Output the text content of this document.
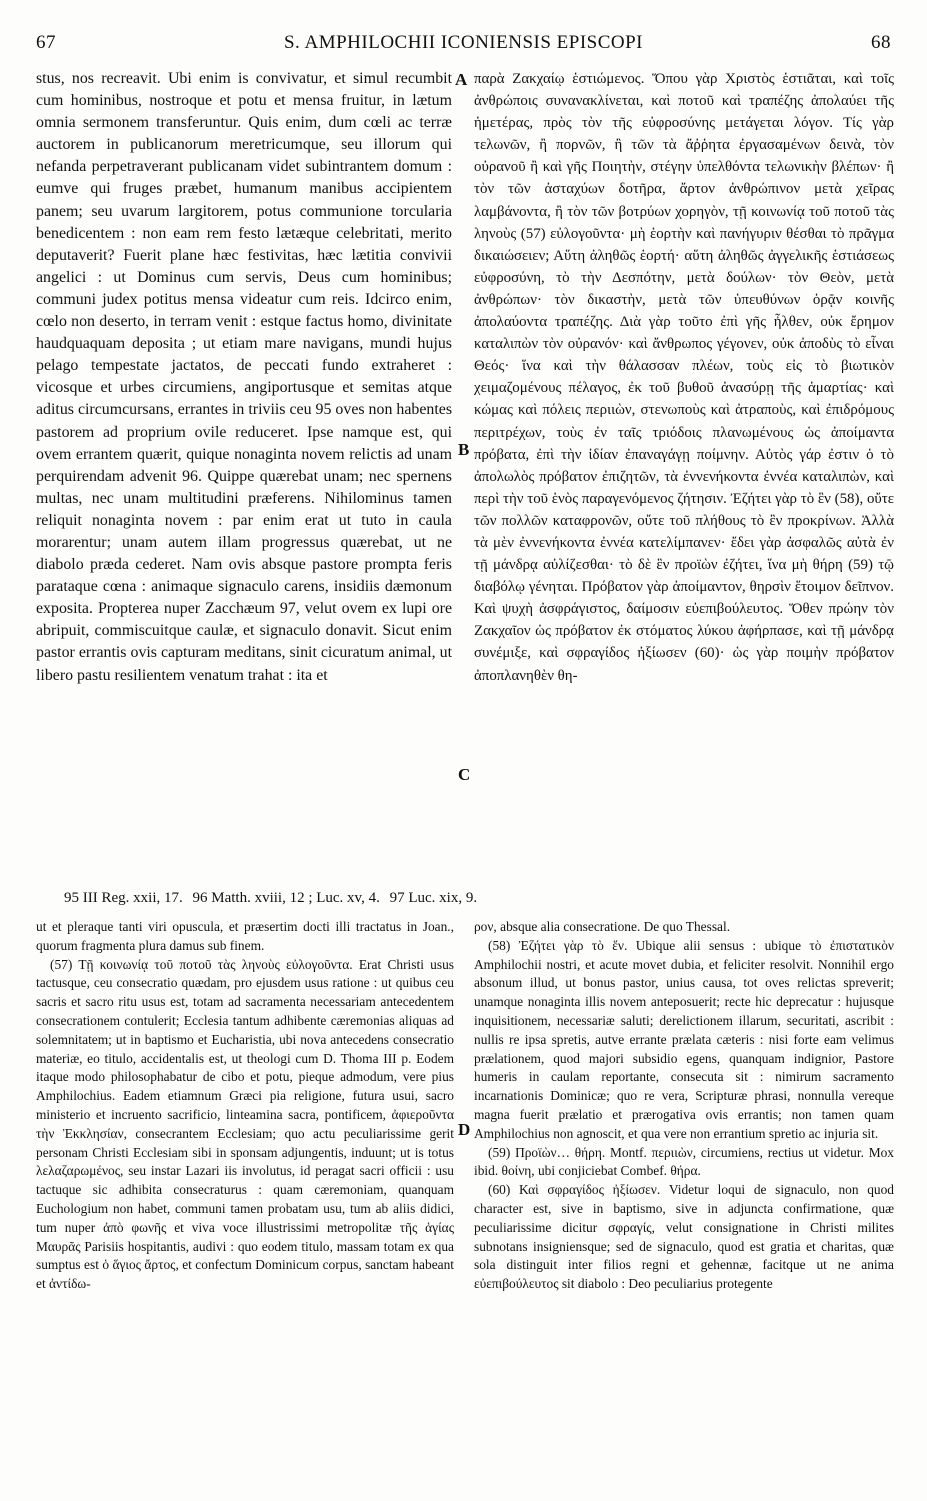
67	S. AMPHILOCHII ICONIENSIS EPISCOPI	68

stus, nos recreavit. Ubi enim is convivatur, et simul recumbit cum hominibus, nostroque et potu et mensa fruitur, in lætum omnia sermonem transferuntur. Quis enim, dum cœli ac terræ auctorem in publicanorum meretricumque, seu illorum qui nefanda perpetraverant publicanam videt subintrantem domum : eumve qui fruges præbet, humanum manibus accipientem panem; seu uvarum largitorem, potus communione torcularia benedicentem : non eam rem festo lætæque celebritati, merito deputaverit? Fuerit plane hæc festivitas, hæc lætitia convivii angelici : ut Dominus cum servis, Deus cum hominibus; communi judex potitus mensa videatur cum reis. Idcirco enim, cœlo non deserto, in terram venit : estque factus homo, divinitate haudquaquam deposita ; ut etiam mare navigans, mundi hujus pelago tempestate jactatos, de peccati fundo extraheret : vicosque et urbes circumiens, angiportusque et semitas atque aditus circumcursans, errantes in triviis ceu 95 oves non habentes pastorem ad proprium ovile reduceret. Ipse namque est, qui ovem errantem quærit, quique nonaginta novem relictis ad unam perquirendam advenit 96. Quippe quærebat unam; nec spernens multas, nec unam multitudini præferens. Nihilominus tamen reliquit nonaginta novem : par enim erat ut tuto in caula morarentur; unam autem illam progressus quærebat, ut ne diabolo præda cederet. Nam ovis absque pastore prompta feris parataque cœna : animaque signaculo carens, insidiis dæmonum exposita. Propterea nuper Zacchæum 97, velut ovem ex lupi ore abripuit, commiscuitque caulæ, et signaculo donavit. Sicut enim pastor errantis ovis capturam meditans, sinit cicuratum animal, ut libero pastu resilientem venatum trahat : ita et

A
B
C
D

παρὰ Ζακχαίῳ ἑστιώμενος. Ὅπου γὰρ Χριστὸς ἑστιᾶται, καὶ τοῖς ἀνθρώποις συνανακλίνεται, καὶ ποτοῦ καὶ τραπέζης ἀπολαύει τῆς ἡμετέρας, πρὸς τὸν τῆς εὐφροσύνης μετάγεται λόγον. Τίς γὰρ τελωνῶν, ἢ πορνῶν, ἢ τῶν τὰ ἄῤῥητα ἐργασαμένων δεινὰ, τὸν οὐρανοῦ ἢ καὶ γῆς Ποιητὴν, στέγην ὑπελθόντα τελωνικὴν βλέπων· ἢ τὸν τῶν ἀσταχύων δοτῆρα, ἄρτον ἀνθρώπινον μετὰ χεῖρας λαμβάνοντα, ἢ τὸν τῶν βοτρύων χορηγὸν, τῇ κοινωνίᾳ τοῦ ποτοῦ τὰς ληνοὺς (57) εὐλογοῦντα· μὴ ἑορτὴν καὶ πανήγυριν θέσθαι τὸ πρᾶγμα δικαιώσειεν; Αὕτη ἀληθῶς ἑορτή· αὕτη ἀληθῶς ἀγγελικῆς ἑστιάσεως εὐφροσύνη, τὸ τὴν Δεσπότην, μετὰ δούλων· τὸν Θεὸν, μετὰ ἀνθρώπων· τὸν δικαστὴν, μετὰ τῶν ὑπευθύνων ὁρᾷν κοινῆς ἀπολαύοντα τραπέζης. Διὰ γὰρ τοῦτο ἐπὶ γῆς ἦλθεν, οὐκ ἔρημον καταλιπὼν τὸν οὐρανόν· καὶ ἄνθρωπος γέγονεν, οὐκ ἀποδὺς τὸ εἶναι Θεός· ἵνα καὶ τὴν θάλασσαν πλέων, τοὺς εἰς τὸ βιωτικὸν χειμαζομένους πέλαγος, ἐκ τοῦ βυθοῦ ἀνασύρῃ τῆς ἁμαρτίας· καὶ κώμας καὶ πόλεις περιιὼν, στενωποὺς καὶ ἀτραποὺς, καὶ ἐπιδρόμους περιτρέχων, τοὺς ἐν ταῖς τριόδοις πλανωμένους ὡς ἀποίμαντα πρόβατα, ἐπὶ τὴν ἰδίαν ἐπαναγάγῃ ποίμνην. Αὐτὸς γάρ ἐστιν ὁ τὸ ἀπολωλὸς πρόβατον ἐπιζητῶν, τὰ ἐννενήκοντα ἐννέα καταλιπὼν, καὶ περὶ τὴν τοῦ ἑνὸς παραγενόμενος ζήτησιν. Ἐζήτει γὰρ τὸ ἓν (58), οὔτε τῶν πολλῶν καταφρονῶν, οὔτε τοῦ πλήθους τὸ ἓν προκρίνων. Ἀλλὰ τὰ μὲν ἐννενήκοντα ἐννέα κατελίμπανεν· ἔδει γὰρ ἀσφαλῶς αὐτὰ ἐν τῇ μάνδρᾳ αὐλίζεσθαι· τὸ δὲ ἓν προϊὼν ἐζήτει, ἵνα μὴ θήρη (59) τῷ διαβόλῳ γένηται. Πρόβατον γὰρ ἀποίμαντον, θηρσὶν ἕτοιμον δεῖπνον. Καὶ ψυχὴ ἀσφράγιστος, δαίμοσιν εὐεπιβούλευτος. Ὅθεν πρώην τὸν Ζακχαῖον ὡς πρόβατον ἐκ στόματος λύκου ἁφήρπασε, καὶ τῇ μάνδρᾳ συνέμιξε, καὶ σφραγίδος ἠξίωσεν (60)· ὡς γὰρ ποιμὴν πρόβατον ἀποπλανηθὲν θη-

95 III Reg. xxii, 17. 96 Matth. xviii, 12 ; Luc. xv, 4. 97 Luc. xix, 9.

ut et pleraque tanti viri opuscula, et præsertim docti illi tractatus in Joan., quorum fragmenta plura damus sub finem.

(57) Τῇ κοινωνίᾳ τοῦ ποτοῦ τὰς ληνοὺς εὐλογοῦντα. Erat Christi usus tactusque, ceu consecratio quædam, pro ejusdem usus ratione : ut quibus ceu sacris et sacro ritu usus est, totam ad sacramenta necessariam antecedentem consecrationem contulerit; Ecclesia tantum adhibente cæremonias aliquas ad solemnitatem; ut in baptismo et Eucharistia, ubi nova antecedens consecratio materiæ, eo titulo, accidentalis est, ut theologi cum D. Thoma III p. Eodem itaque modo philosophabatur de cibo et potu, pieque admodum, vere pius Amphilochius. Eadem etiamnum Græci pia religione, futura usui, sacro ministerio et incruento sacrificio, linteamina sacra, pontificem, ἀφιεροῦντα τὴν Ἐκκλησίαν, consecrantem Ecclesiam; quo actu peculiarissime gerit personam Christi Ecclesiam sibi in sponsam adjungentis, induunt; ut is totus λελαζαρωμένος, seu instar Lazari iis involutus, id peragat sacri officii : usu tactuque sic adhibita consecraturus : quam cæremoniam, quanquam Euchologium non habet, communi tamen probatam usu, tum ab aliis didici, tum nuper ἀπὸ φωνῆς et viva voce illustrissimi metropolitæ τῆς ἁγίας Μαυρᾶς Parisiis hospitantis, audivi : quo eodem titulo, massam totam ex qua sumptus est ὁ ἅγιος ἄρτος, et confectum Dominicum corpus, sanctam habeant et ἀντίδω-

ρον, absque alia consecratione. De quo Thessal.

(58) Ἐζήτει γὰρ τὸ ἕν. Ubique alii sensus : ubique τὸ ἐπιστατικὸν Amphilochii nostri, et acute movet dubia, et feliciter resolvit. Nonnihil ergo absonum illud, ut bonus pastor, unius causa, tot oves relictas spreverit; unamque nonaginta illis novem anteposuerit; recte hic deprecatur : hujusque inquisitionem, necessariæ saluti; derelictionem illarum, securitati, ascribit : nullis re ipsa spretis, autve errante prælata cæteris : nisi forte eam velimus prælationem, quod majori subsidio egens, quanquam indignior, Pastore humeris in caulam reportante, consecuta sit : nimirum sacramento incarnationis Dominicæ; quo re vera, Scripturæ phrasi, nonnulla vereque magna fuerit prælatio et prærogativa ovis errantis; non tamen quam Amphilochius non agnoscit, et qua vere non errantium spretio ac injuria sit.

(59) Προϊὼν… θήρη. Montf. περιιὼν, circumiens, rectius ut videtur. Mox ibid. θοίνη, ubi conjiciebat Combef. θήρα.

(60) Καὶ σφραγίδος ἠξίωσεν. Videtur loqui de signaculo, non quod character est, sive in baptismo, sive in adjuncta confirmatione, quæ peculiarissime dicitur σφραγίς, velut consignatione in Christi milites subnotans insigniensque; sed de signaculo, quod est gratia et charitas, quæ sola distinguit inter filios regni et gehennæ, facitque ut ne anima εὐεπιβούλευτος sit diabolo : Deo peculiarius protegente
